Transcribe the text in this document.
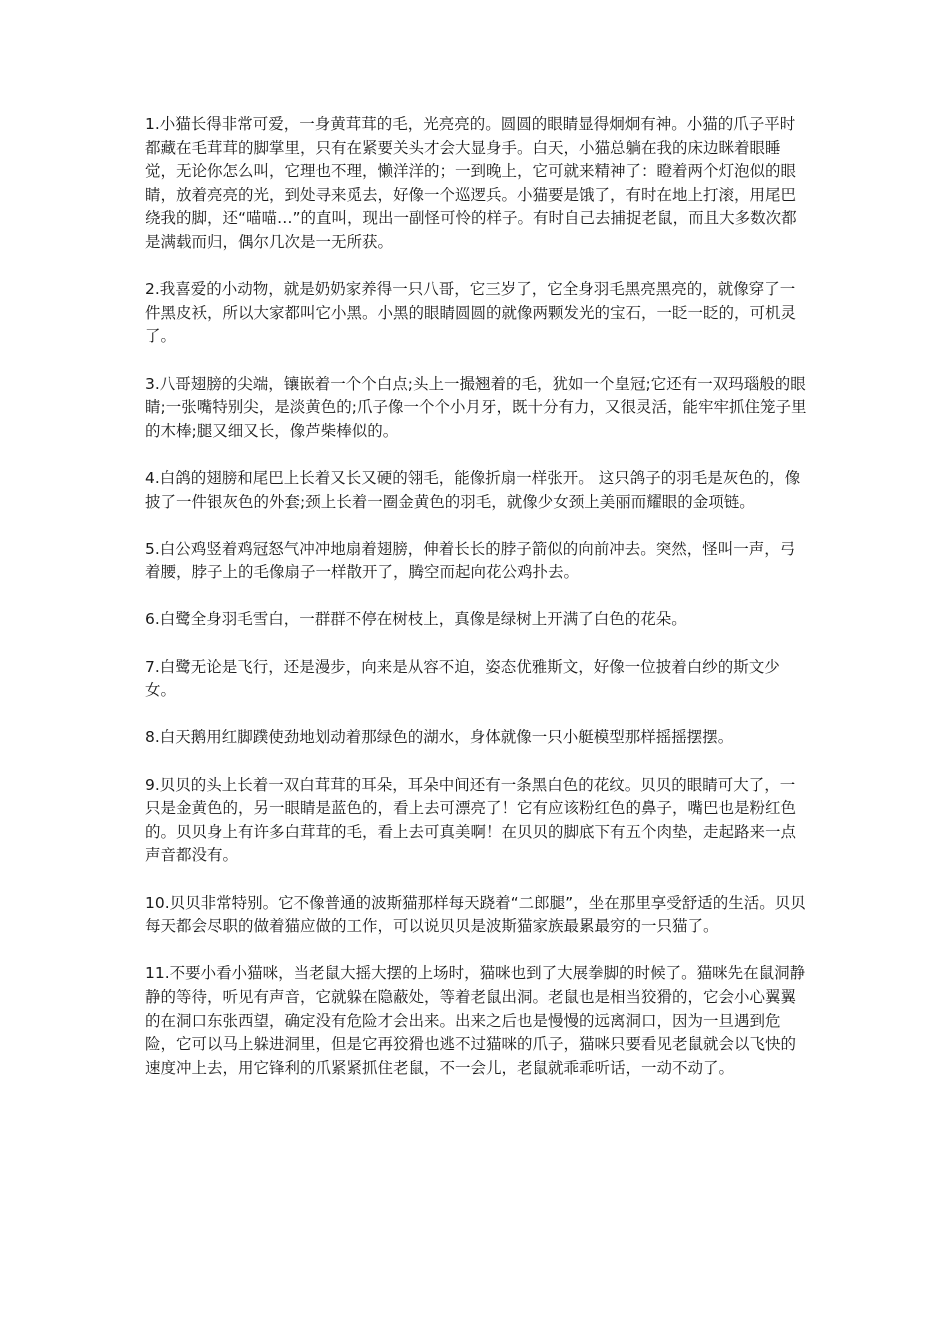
1.小猫长得非常可爱，一身黄茸茸的毛，光亮亮的。圆圆的眼睛显得炯炯有神。小猫的爪子平时都藏在毛茸茸的脚掌里，只有在紧要关头才会大显身手。白天，小猫总躺在我的床边眯着眼睡觉，无论你怎么叫，它理也不理，懒洋洋的；一到晚上，它可就来精神了：瞪着两个灯泡似的眼睛，放着亮亮的光，到处寻来觅去，好像一个巡逻兵。小猫要是饿了，有时在地上打滚，用尾巴绕我的脚，还“喵喵…”的直叫，现出一副怪可怜的样子。有时自己去捕捉老鼠，而且大多数次都是满载而归，偶尔几次是一无所获。

2.我喜爱的小动物，就是奶奶家养得一只八哥，它三岁了，它全身羽毛黑亮黑亮的，就像穿了一件黑皮袄，所以大家都叫它小黑。小黑的眼睛圆圆的就像两颗发光的宝石，一眨一眨的，可机灵了。

3.八哥翅膀的尖端，镶嵌着一个个白点;头上一撮翘着的毛，犹如一个皇冠;它还有一双玛瑙般的眼睛;一张嘴特别尖，是淡黄色的;爪子像一个个小月牙，既十分有力，又很灵活，能牢牢抓住笼子里的木棒;腿又细又长，像芦柴棒似的。

4.白鸽的翅膀和尾巴上长着又长又硬的翎毛，能像折扇一样张开。 这只鸽子的羽毛是灰色的，像披了一件银灰色的外套;颈上长着一圈金黄色的羽毛，就像少女颈上美丽而耀眼的金项链。

5.白公鸡竖着鸡冠怒气冲冲地扇着翅膀，伸着长长的脖子箭似的向前冲去。突然，怪叫一声，弓着腰，脖子上的毛像扇子一样散开了，腾空而起向花公鸡扑去。

6.白鹭全身羽毛雪白，一群群不停在树枝上，真像是绿树上开满了白色的花朵。

7.白鹭无论是飞行，还是漫步，向来是从容不迫，姿态优雅斯文，好像一位披着白纱的斯文少女。

8.白天鹅用红脚蹼使劲地划动着那绿色的湖水，身体就像一只小艇模型那样摇摇摆摆。

9.贝贝的头上长着一双白茸茸的耳朵，耳朵中间还有一条黑白色的花纹。贝贝的眼睛可大了，一只是金黄色的，另一眼睛是蓝色的，看上去可漂亮了！它有应该粉红色的鼻子，嘴巴也是粉红色的。贝贝身上有许多白茸茸的毛，看上去可真美啊！在贝贝的脚底下有五个肉垫，走起路来一点声音都没有。

10.贝贝非常特别。它不像普通的波斯猫那样每天跷着“二郎腿”，坐在那里享受舒适的生活。贝贝每天都会尽职的做着猫应做的工作，可以说贝贝是波斯猫家族最累最穷的一只猫了。

11.不要小看小猫咪，当老鼠大摇大摆的上场时，猫咪也到了大展拳脚的时候了。猫咪先在鼠洞静静的等待，听见有声音，它就躲在隐蔽处，等着老鼠出洞。老鼠也是相当狡猾的，它会小心翼翼的在洞口东张西望，确定没有危险才会出来。出来之后也是慢慢的远离洞口，因为一旦遇到危险，它可以马上躲进洞里，但是它再狡猾也逃不过猫咪的爪子，猫咪只要看见老鼠就会以飞快的速度冲上去，用它锋利的爪紧紧抓住老鼠，不一会儿，老鼠就乖乖听话，一动不动了。
